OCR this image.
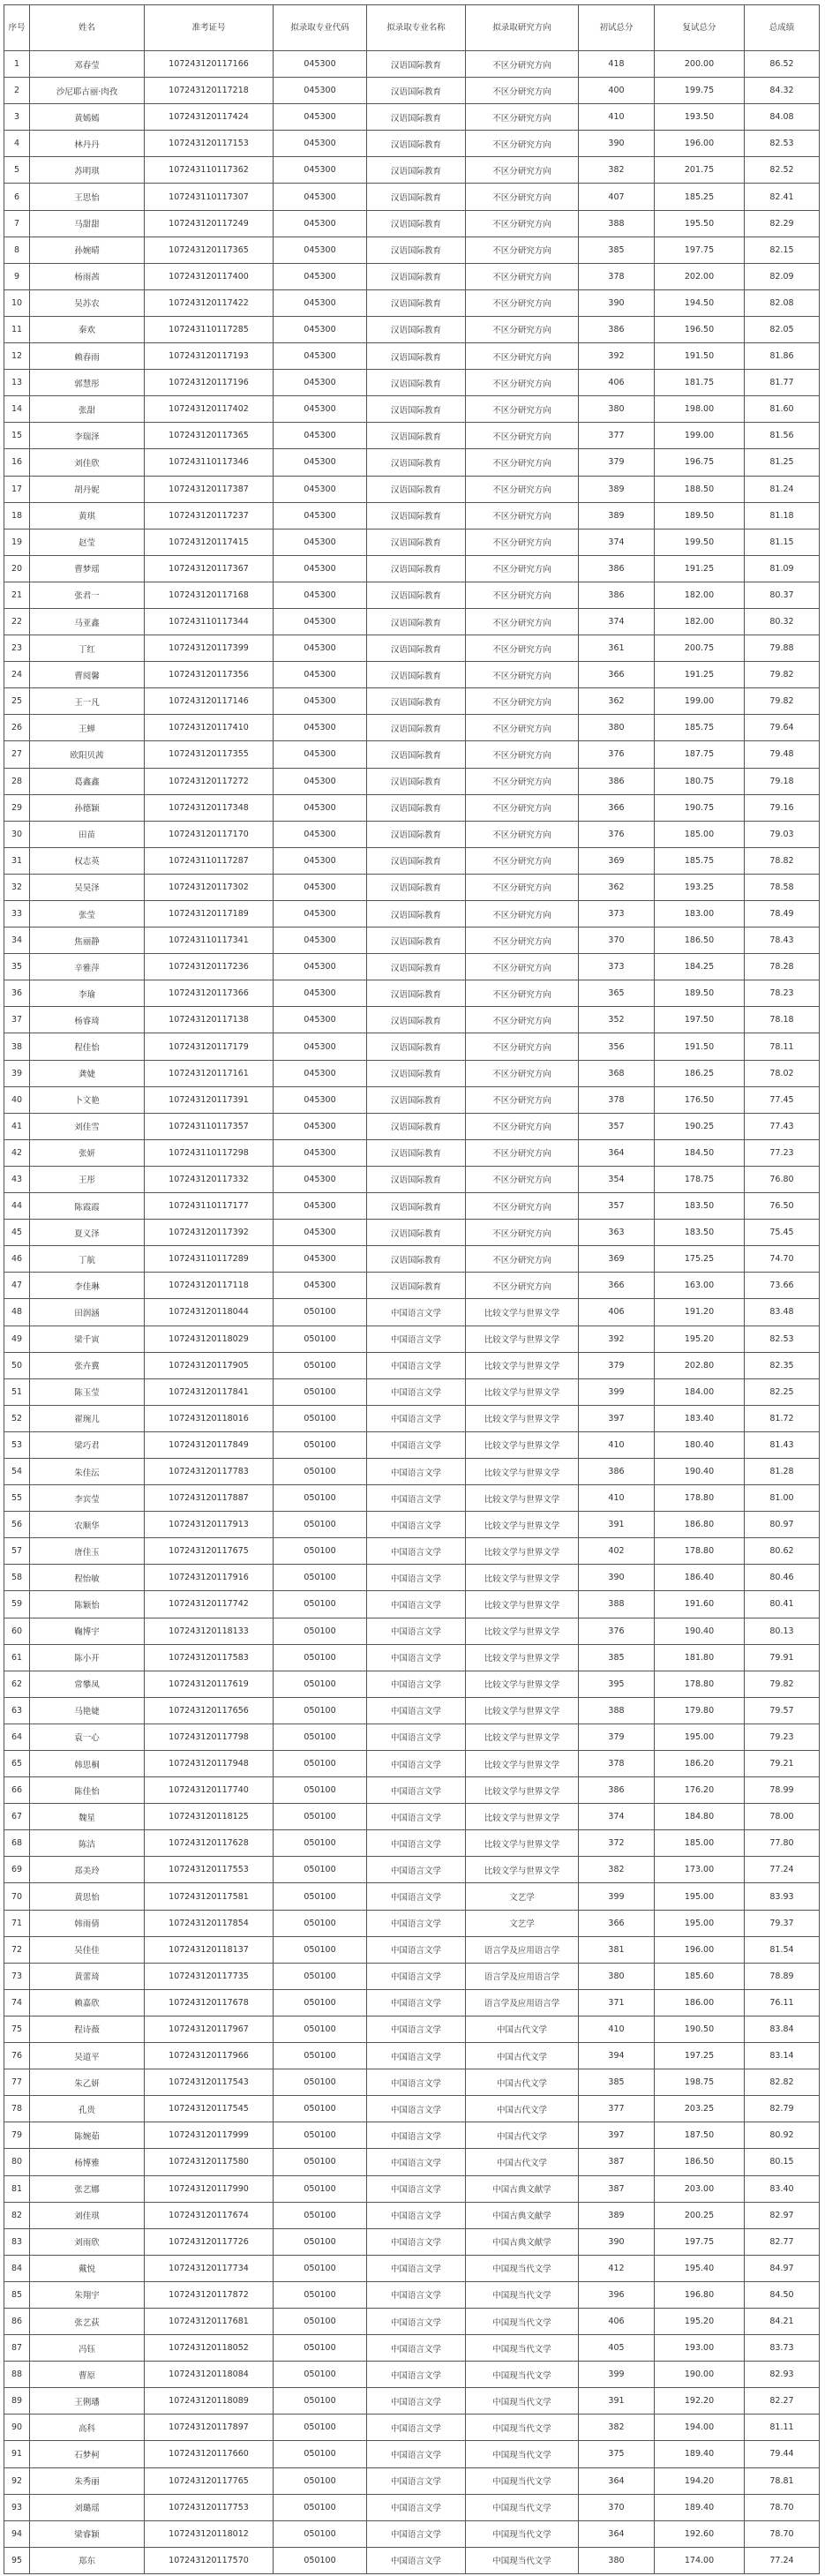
序号	姓名	准考证号	拟录取专业代码	拟录取专业名称	拟录取研究方向	初试总分	复试总分	总成绩
1	邓春莹	107243120117166	045300	汉语国际教育	不区分研究方向	418	200.00	86.52
2	沙尼耶古丽·肉孜	107243120117218	045300	汉语国际教育	不区分研究方向	400	199.75	84.32
3	黄嫣嫣	107243120117424	045300	汉语国际教育	不区分研究方向	410	193.50	84.08
4	林丹丹	107243120117153	045300	汉语国际教育	不区分研究方向	390	196.00	82.53
5	苏明琪	107243110117362	045300	汉语国际教育	不区分研究方向	382	201.75	82.52
6	王思怡	107243110117307	045300	汉语国际教育	不区分研究方向	407	185.25	82.41
7	马甜甜	107243120117249	045300	汉语国际教育	不区分研究方向	388	195.50	82.29
8	孙婉晴	107243120117365	045300	汉语国际教育	不区分研究方向	385	197.75	82.15
9	杨雨茜	107243120117400	045300	汉语国际教育	不区分研究方向	378	202.00	82.09
10	吴苏农	107243120117422	045300	汉语国际教育	不区分研究方向	390	194.50	82.08
11	秦欢	107243110117285	045300	汉语国际教育	不区分研究方向	386	196.50	82.05
12	赖春雨	107243120117193	045300	汉语国际教育	不区分研究方向	392	191.50	81.86
13	郭慧彤	107243120117196	045300	汉语国际教育	不区分研究方向	406	181.75	81.77
14	张甜	107243120117402	045300	汉语国际教育	不区分研究方向	380	198.00	81.60
15	李瑞泽	107243120117365	045300	汉语国际教育	不区分研究方向	377	199.00	81.56
16	刘佳欣	107243110117346	045300	汉语国际教育	不区分研究方向	379	196.75	81.25
17	胡丹妮	107243120117387	045300	汉语国际教育	不区分研究方向	389	188.50	81.24
18	黄琪	107243120117237	045300	汉语国际教育	不区分研究方向	389	189.50	81.18
19	赵莹	107243120117415	045300	汉语国际教育	不区分研究方向	374	199.50	81.15
20	曹梦瑶	107243120117367	045300	汉语国际教育	不区分研究方向	386	191.25	81.09
21	张君一	107243120117168	045300	汉语国际教育	不区分研究方向	386	182.00	80.37
22	马亚鑫	107243110117344	045300	汉语国际教育	不区分研究方向	374	182.00	80.32
23	丁红	107243120117399	045300	汉语国际教育	不区分研究方向	361	200.75	79.88
24	曹阅馨	107243120117356	045300	汉语国际教育	不区分研究方向	366	191.25	79.82
25	王一凡	107243120117146	045300	汉语国际教育	不区分研究方向	362	199.00	79.82
26	王蝉	107243120117410	045300	汉语国际教育	不区分研究方向	380	185.75	79.64
27	欧阳贝茜	107243120117355	045300	汉语国际教育	不区分研究方向	376	187.75	79.48
28	葛鑫鑫	107243120117272	045300	汉语国际教育	不区分研究方向	386	180.75	79.18
29	孙德颖	107243120117348	045300	汉语国际教育	不区分研究方向	366	190.75	79.16
30	田苗	107243120117170	045300	汉语国际教育	不区分研究方向	376	185.00	79.03
31	权志英	107243110117287	045300	汉语国际教育	不区分研究方向	369	185.75	78.82
32	吴昊泽	107243120117302	045300	汉语国际教育	不区分研究方向	362	193.25	78.58
33	张莹	107243120117189	045300	汉语国际教育	不区分研究方向	373	183.00	78.49
34	焦丽静	107243110117341	045300	汉语国际教育	不区分研究方向	370	186.50	78.43
35	辛雅萍	107243120117236	045300	汉语国际教育	不区分研究方向	373	184.25	78.28
36	李瑜	107243120117366	045300	汉语国际教育	不区分研究方向	365	189.50	78.23
37	杨睿琦	107243120117138	045300	汉语国际教育	不区分研究方向	352	197.50	78.18
38	程佳怡	107243120117179	045300	汉语国际教育	不区分研究方向	356	191.50	78.11
39	龚婕	107243120117161	045300	汉语国际教育	不区分研究方向	368	186.25	78.02
40	卜文艳	107243120117391	045300	汉语国际教育	不区分研究方向	378	176.50	77.45
41	刘佳雪	107243110117357	045300	汉语国际教育	不区分研究方向	357	190.25	77.43
42	张妍	107243110117298	045300	汉语国际教育	不区分研究方向	364	184.50	77.23
43	王彤	107243120117332	045300	汉语国际教育	不区分研究方向	354	178.75	76.80
44	陈霞霞	107243110117177	045300	汉语国际教育	不区分研究方向	357	183.50	76.50
45	夏义泽	107243120117392	045300	汉语国际教育	不区分研究方向	363	183.50	75.45
46	丁航	107243110117289	045300	汉语国际教育	不区分研究方向	369	175.25	74.70
47	李佳琳	107243120117118	045300	汉语国际教育	不区分研究方向	366	163.00	73.66
48	田润涵	107243120118044	050100	中国语言文学	比较文学与世界文学	406	191.20	83.48
49	梁千寅	107243120118029	050100	中国语言文学	比较文学与世界文学	392	195.20	82.53
50	张卉冀	107243120117905	050100	中国语言文学	比较文学与世界文学	379	202.80	82.35
51	陈玉莹	107243120117841	050100	中国语言文学	比较文学与世界文学	399	184.00	82.25
52	翟琬儿	107243120118016	050100	中国语言文学	比较文学与世界文学	397	183.40	81.72
53	梁巧君	107243120117849	050100	中国语言文学	比较文学与世界文学	410	180.40	81.43
54	朱佳沄	107243120117783	050100	中国语言文学	比较文学与世界文学	386	190.40	81.28
55	李宾莹	107243120117887	050100	中国语言文学	比较文学与世界文学	410	178.80	81.00
56	农顺华	107243120117913	050100	中国语言文学	比较文学与世界文学	391	186.80	80.97
57	唐佳玉	107243120117675	050100	中国语言文学	比较文学与世界文学	402	178.80	80.62
58	程怡敏	107243120117916	050100	中国语言文学	比较文学与世界文学	390	186.40	80.46
59	陈颖怡	107243120117742	050100	中国语言文学	比较文学与世界文学	388	191.60	80.41
60	鞠博宇	107243120118133	050100	中国语言文学	比较文学与世界文学	376	190.40	80.13
61	陈小开	107243120117583	050100	中国语言文学	比较文学与世界文学	385	181.80	79.91
62	常攀凤	107243120117619	050100	中国语言文学	比较文学与世界文学	395	178.80	79.82
63	马艳婕	107243120117656	050100	中国语言文学	比较文学与世界文学	388	179.80	79.57
64	袁一心	107243120117798	050100	中国语言文学	比较文学与世界文学	379	195.00	79.23
65	韩思桐	107243120117948	050100	中国语言文学	比较文学与世界文学	378	186.20	79.21
66	陈佳怡	107243120117740	050100	中国语言文学	比较文学与世界文学	386	176.20	78.99
67	魏星	107243120118125	050100	中国语言文学	比较文学与世界文学	374	184.80	78.00
68	陈洁	107243120117628	050100	中国语言文学	比较文学与世界文学	372	185.00	77.80
69	郑美玲	107243120117553	050100	中国语言文学	比较文学与世界文学	382	173.00	77.24
70	黄思怡	107243120117581	050100	中国语言文学	文艺学	399	195.00	83.93
71	韩雨倩	107243120117854	050100	中国语言文学	文艺学	366	195.00	79.37
72	吴佳佳	107243120118137	050100	中国语言文学	语言学及应用语言学	381	196.00	81.54
73	黄蕾琦	107243120117735	050100	中国语言文学	语言学及应用语言学	380	185.60	78.89
74	赖嘉欣	107243120117678	050100	中国语言文学	语言学及应用语言学	371	186.00	76.11
75	程诗薇	107243120117967	050100	中国语言文学	中国古代文学	410	190.50	83.84
76	吴道平	107243120117966	050100	中国语言文学	中国古代文学	394	197.25	83.14
77	朱乙妍	107243120117543	050100	中国语言文学	中国古代文学	385	198.75	82.82
78	孔贵	107243120117545	050100	中国语言文学	中国古代文学	377	203.25	82.79
79	陈婉茹	107243120117999	050100	中国语言文学	中国古代文学	397	187.50	80.92
80	杨博雅	107243120117580	050100	中国语言文学	中国古代文学	387	186.50	80.15
81	张艺娜	107243120117990	050100	中国语言文学	中国古典文献学	387	203.00	83.40
82	刘佳琪	107243120117674	050100	中国语言文学	中国古典文献学	389	200.25	82.97
83	刘雨欣	107243120117726	050100	中国语言文学	中国古典文献学	390	197.75	82.77
84	戴悦	107243120117734	050100	中国语言文学	中国现当代文学	412	195.40	84.97
85	朱翔宇	107243120117872	050100	中国语言文学	中国现当代文学	396	196.80	84.50
86	张艺荻	107243120117681	050100	中国语言文学	中国现当代文学	406	195.20	84.21
87	冯钰	107243120118052	050100	中国语言文学	中国现当代文学	405	193.00	83.73
88	曹原	107243120118084	050100	中国语言文学	中国现当代文学	399	190.00	82.93
89	王俐璠	107243120118089	050100	中国语言文学	中国现当代文学	391	192.20	82.27
90	高科	107243120117897	050100	中国语言文学	中国现当代文学	382	194.00	81.11
91	石梦柯	107243120117660	050100	中国语言文学	中国现当代文学	375	189.40	79.44
92	朱秀丽	107243120117765	050100	中国语言文学	中国现当代文学	364	194.20	78.81
93	刘璐瑶	107243120117753	050100	中国语言文学	中国现当代文学	370	189.40	78.70
94	梁睿颖	107243120118012	050100	中国语言文学	中国现当代文学	364	192.60	78.70
95	郑东	107243120117570	050100	中国语言文学	中国现当代文学	380	174.00	77.24
